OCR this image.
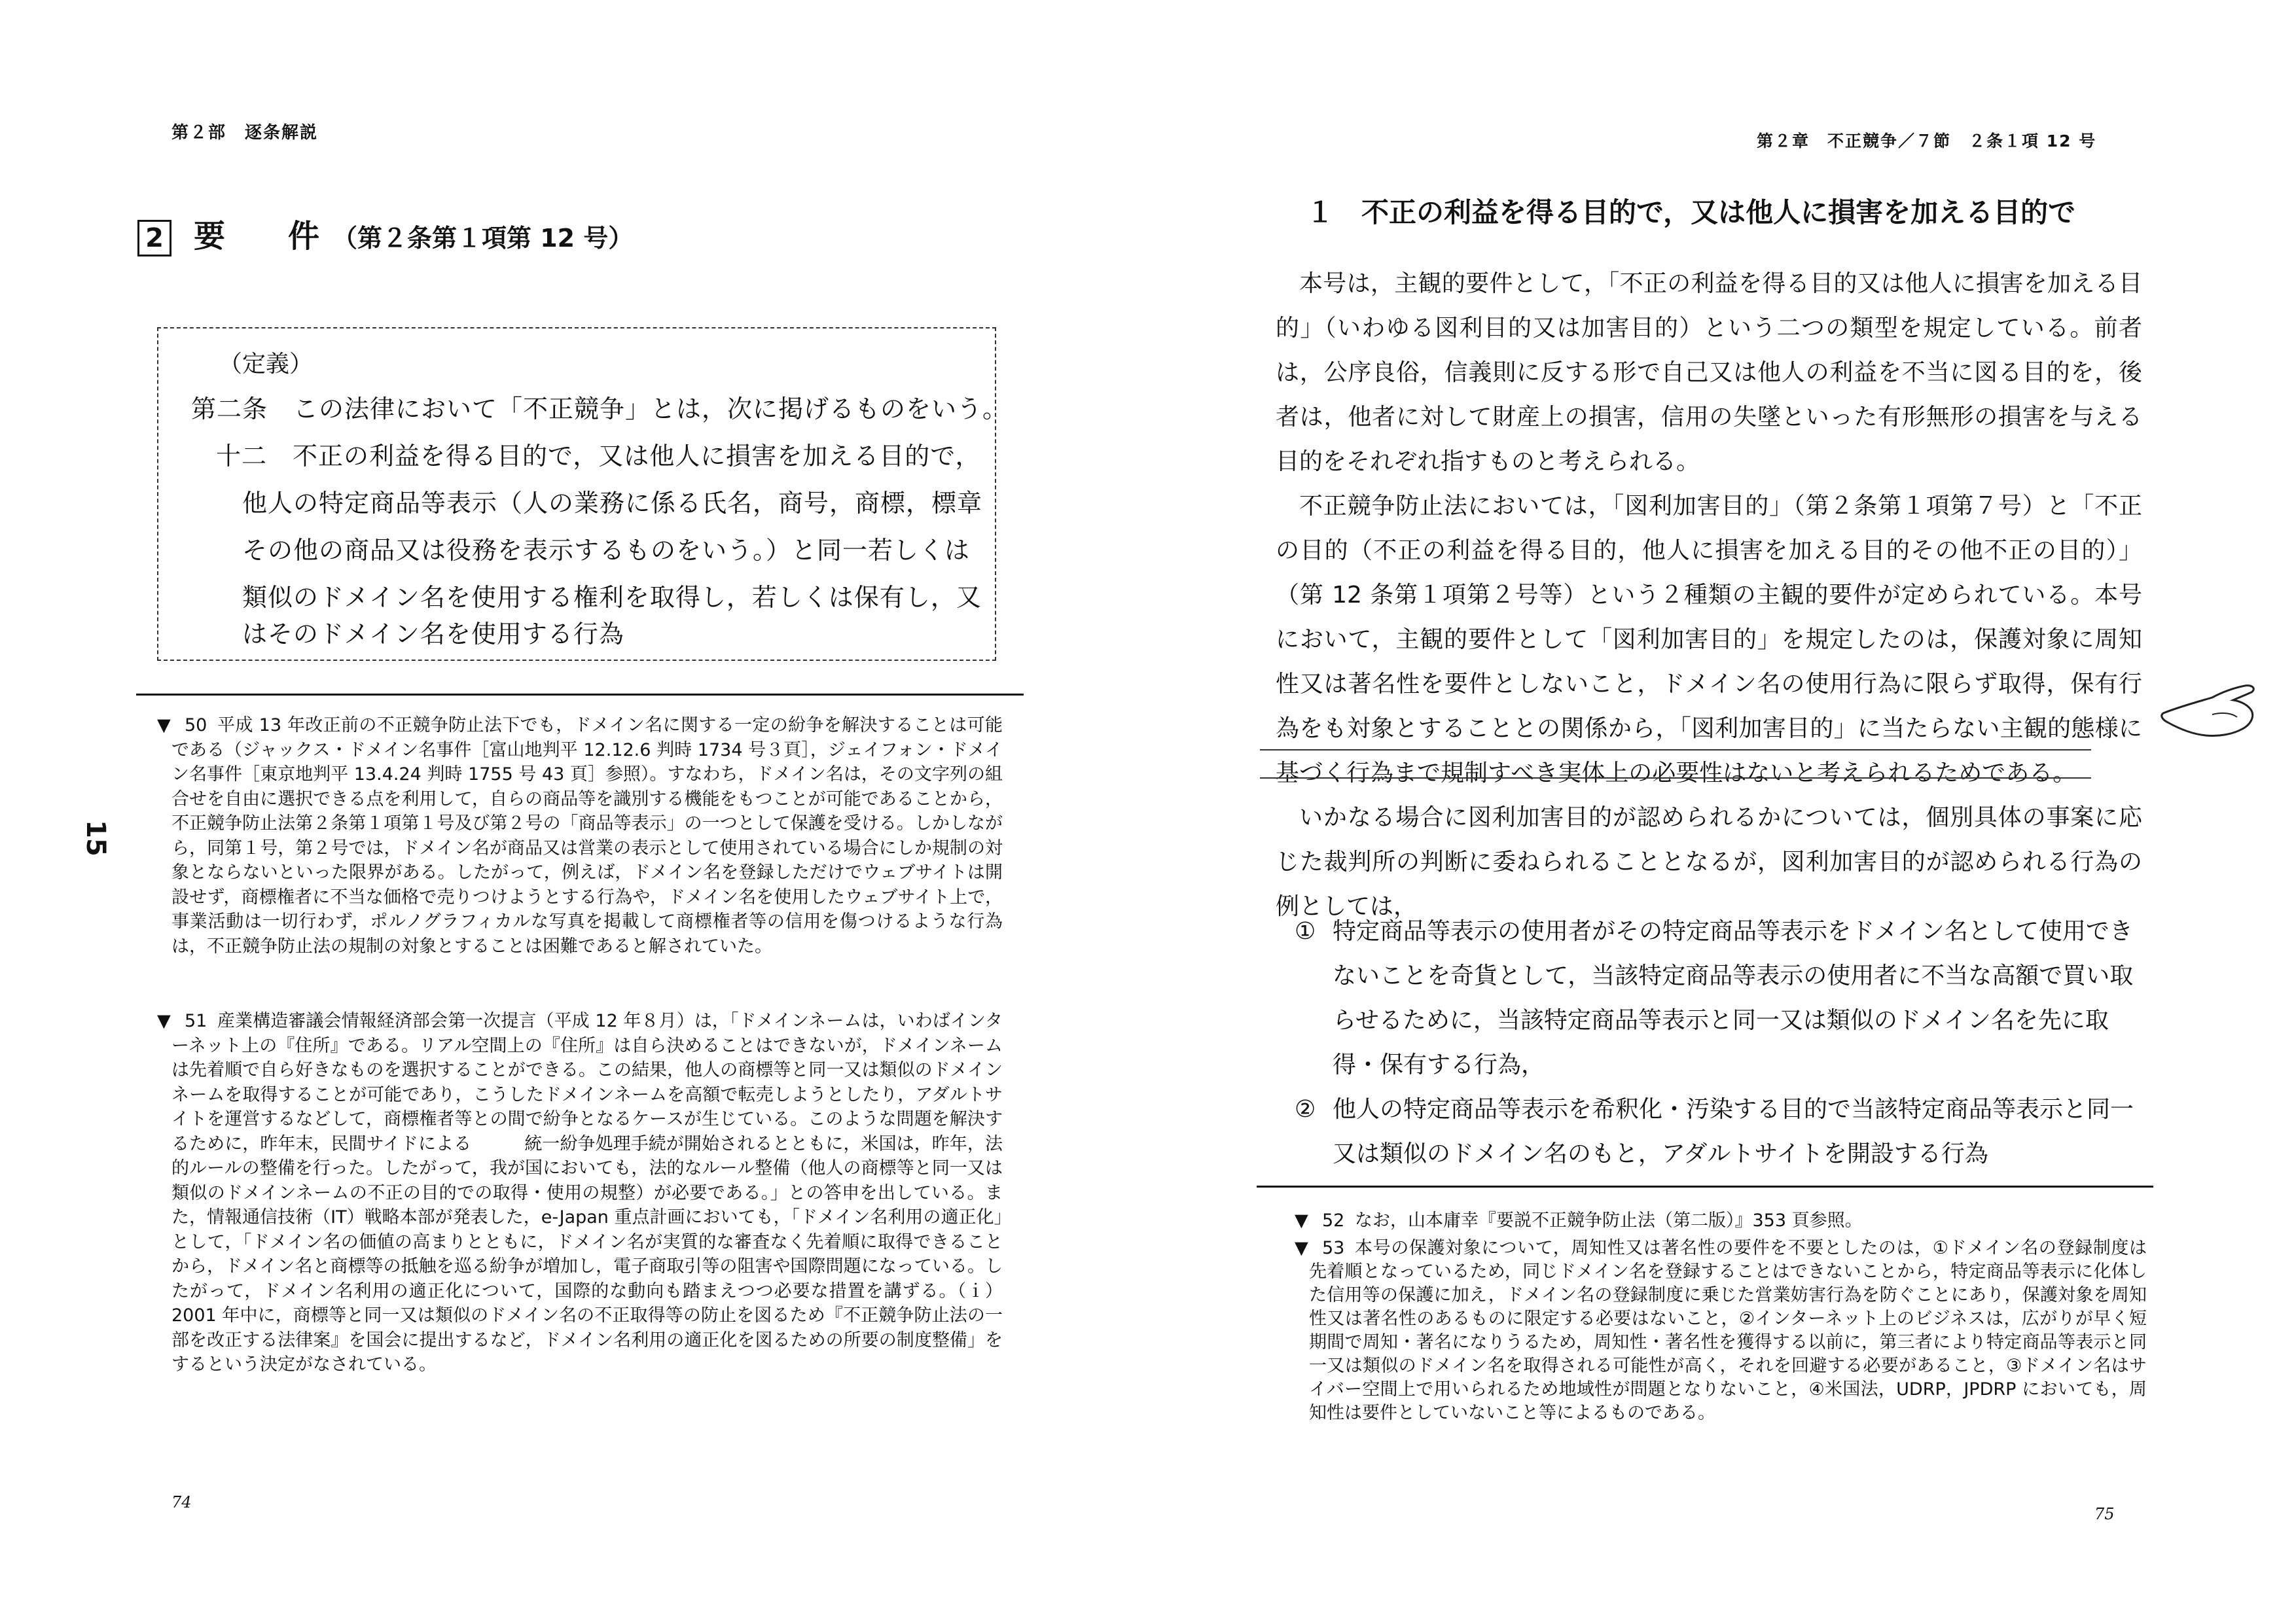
第２部　逐条解説
15
2 要　　件 （第２条第１項第 12 号）
（定義）
第二条　この法律において「不正競争」とは，次に掲げるものをいう。
十二　不正の利益を得る目的で，又は他人に損害を加える目的で，
他人の特定商品等表示（人の業務に係る氏名，商号，商標，標章
その他の商品又は役務を表示するものをいう。）と同一若しくは
類似のドメイン名を使用する権利を取得し，若しくは保有し，又
はそのドメイン名を使用する行為
▼ 50 平成 13 年改正前の不正競争防止法下でも，ドメイン名に関する一定の紛争を解決することは可能である（ジャックス・ドメイン名事件［富山地判平 12.12.6 判時 1734 号３頁］，ジェイフォン・ドメイン名事件［東京地判平 13.4.24 判時 1755 号 43 頁］参照）。すなわち，ドメイン名は，その文字列の組合せを自由に選択できる点を利用して，自らの商品等を識別する機能をもつことが可能であることから，不正競争防止法第２条第１項第１号及び第２号の「商品等表示」の一つとして保護を受ける。しかしながら，同第１号，第２号では，ドメイン名が商品又は営業の表示として使用されている場合にしか規制の対象とならないといった限界がある。したがって，例えば，ドメイン名を登録しただけでウェブサイトは開設せず，商標権者に不当な価格で売りつけようとする行為や，ドメイン名を使用したウェブサイト上で，事業活動は一切行わず，ポルノグラフィカルな写真を掲載して商標権者等の信用を傷つけるような行為は，不正競争防止法の規制の対象とすることは困難であると解されていた。
▼ 51 産業構造審議会情報経済部会第一次提言（平成 12 年８月）は，「ドメインネームは，いわばインターネット上の『住所』である。リアル空間上の『住所』は自ら決めることはできないが，ドメインネームは先着順で自ら好きなものを選択することができる。この結果，他人の商標等と同一又は類似のドメインネームを取得することが可能であり，こうしたドメインネームを高額で転売しようとしたり，アダルトサイトを運営するなどして，商標権者等との間で紛争となるケースが生じている。このような問題を解決するために，昨年末，民間サイドによる　　　統一紛争処理手続が開始されるとともに，米国は，昨年，法的ルールの整備を行った。したがって，我が国においても，法的なルール整備（他人の商標等と同一又は類似のドメインネームの不正の目的での取得・使用の規整）が必要である。」との答申を出している。また，情報通信技術（IT）戦略本部が発表した，e-Japan 重点計画においても，「ドメイン名利用の適正化」として，「ドメイン名の価値の高まりとともに，ドメイン名が実質的な審査なく先着順に取得できることから，ドメイン名と商標等の抵触を巡る紛争が増加し，電子商取引等の阻害や国際問題になっている。したがって，ドメイン名利用の適正化について，国際的な動向も踏まえつつ必要な措置を講ずる。（ｉ）2001 年中に，商標等と同一又は類似のドメイン名の不正取得等の防止を図るため『不正競争防止法の一部を改正する法律案』を国会に提出するなど，ドメイン名利用の適正化を図るための所要の制度整備」をするという決定がなされている。
74
第２章　不正競争／７節　２条１項 12 号
１　不正の利益を得る目的で，又は他人に損害を加える目的で

本号は，主観的要件として，「不正の利益を得る目的又は他人に損害を加える目的」（いわゆる図利目的又は加害目的）という二つの類型を規定している。前者は，公序良俗，信義則に反する形で自己又は他人の利益を不当に図る目的を，後者は，他者に対して財産上の損害，信用の失墜といった有形無形の損害を与える目的をそれぞれ指すものと考えられる。

不正競争防止法においては，「図利加害目的」（第２条第１項第７号）と「不正の目的（不正の利益を得る目的，他人に損害を加える目的その他不正の目的）」（第 12 条第１項第２号等）という２種類の主観的要件が定められている。本号において，主観的要件として「図利加害目的」を規定したのは，保護対象に周知性又は著名性を要件としないこと，ドメイン名の使用行為に限らず取得，保有行為をも対象とすることとの関係から，「図利加害目的」に当たらない主観的態様に基づく行為まで規制すべき実体上の必要性はないと考えられるためである。

いかなる場合に図利加害目的が認められるかについては，個別具体の事案に応じた裁判所の判断に委ねられることとなるが，図利加害目的が認められる行為の例としては，

① 特定商品等表示の使用者がその特定商品等表示をドメイン名として使用できないことを奇貨として，当該特定商品等表示の使用者に不当な高額で買い取らせるために，当該特定商品等表示と同一又は類似のドメイン名を先に取得・保有する行為，
② 他人の特定商品等表示を希釈化・汚染する目的で当該特定商品等表示と同一又は類似のドメイン名のもと，アダルトサイトを開設する行為
▼ 52 なお，山本庸幸『要説不正競争防止法（第二版）』353 頁参照。
▼ 53 本号の保護対象について，周知性又は著名性の要件を不要としたのは，①ドメイン名の登録制度は先着順となっているため，同じドメイン名を登録することはできないことから，特定商品等表示に化体した信用等の保護に加え，ドメイン名の登録制度に乗じた営業妨害行為を防ぐことにあり，保護対象を周知性又は著名性のあるものに限定する必要はないこと，②インターネット上のビジネスは，広がりが早く短期間で周知・著名になりうるため，周知性・著名性を獲得する以前に，第三者により特定商品等表示と同一又は類似のドメイン名を取得される可能性が高く，それを回避する必要があること，③ドメイン名はサイバー空間上で用いられるため地域性が問題となりないこと，④米国法，UDRP，JPDRP においても，周知性は要件としていないこと等によるものである。
75
